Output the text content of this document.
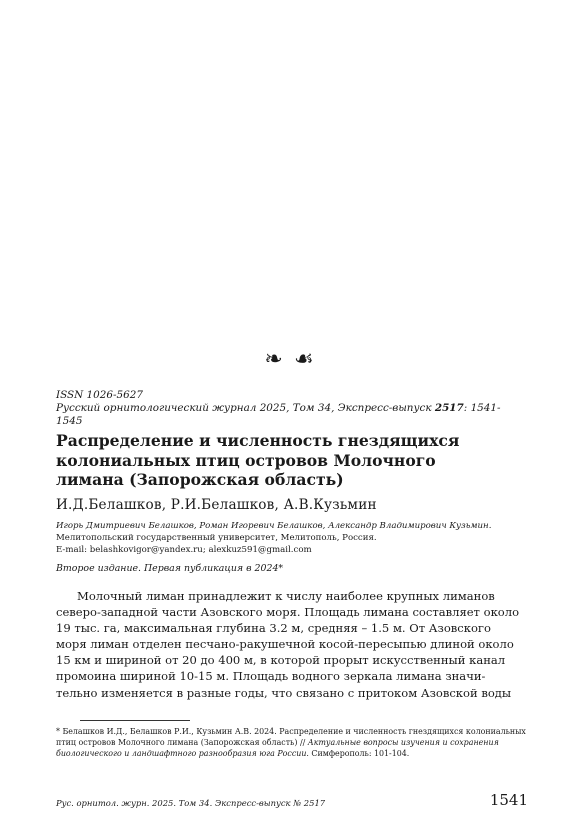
❧ ☙
ISSN 1026-5627
Русский орнитологический журнал 2025, Том 34, Экспресс-выпуск 2517: 1541-1545
Распределение и численность гнездящихся
колониальных птиц островов Молочного
лимана (Запорожская область)
И.Д.Белашков, Р.И.Белашков, А.В.Кузьмин
Игорь Дмитриевич Белашков, Роман Игоревич Белашков, Александр Владимирович Кузьмин.
Мелитопольский государственный университет, Мелитополь, Россия.
E-mail: belashkovigor@yandex.ru; alexkuz591@gmail.com
Второе издание. Первая публикация в 2024*
Молочный лиман принадлежит к числу наиболее крупных лиманов
северо-западной части Азовского моря. Площадь лимана составляет около
19 тыс. га, максимальная глубина 3.2 м, средняя – 1.5 м. От Азовского
моря лиман отделен песчано-ракушечной косой-пересыпью длиной около
15 км и шириной от 20 до 400 м, в которой прорыт искусственный канал
промоина шириной 10-15 м. Площадь водного зеркала лимана значи-
тельно изменяется в разные годы, что связано с притоком Азовской воды

* Белашков И.Д., Белашков Р.И., Кузьмин А.В. 2024. Распределение и численность гнездящихся колониальных птиц островов Молочного лимана (Запорожская область) // Актуальные вопросы изучения и сохранения биологического и ландшафтного разнообразия юга России. Симферополь: 101-104.

Рус. орнитол. журн. 2025. Том 34. Экспресс-выпуск № 2517	1541
